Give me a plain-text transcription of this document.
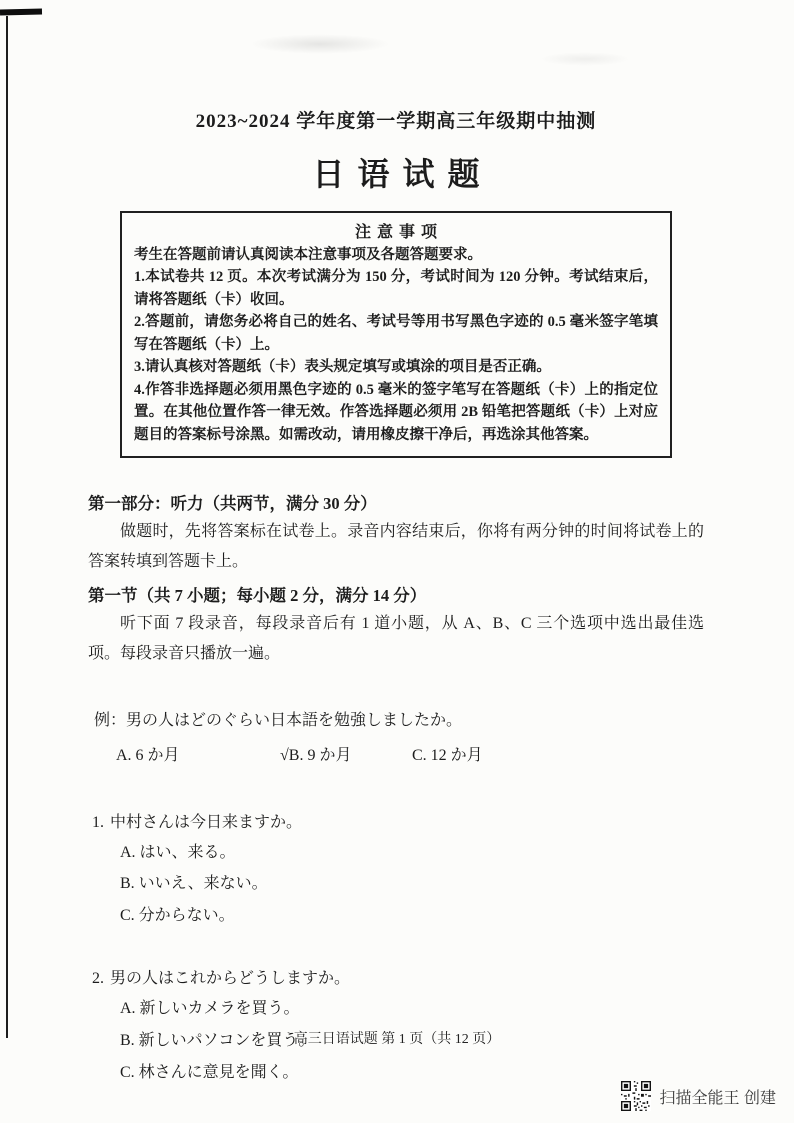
2023~2024 学年度第一学期高三年级期中抽测
日语试题
注意事项

考生在答题前请认真阅读本注意事项及各题答题要求。

1.本试卷共 12 页。本次考试满分为 150 分，考试时间为 120 分钟。考试结束后，请将答题纸（卡）收回。

2.答题前，请您务必将自己的姓名、考试号等用书写黑色字迹的 0.5 毫米签字笔填写在答题纸（卡）上。

3.请认真核对答题纸（卡）表头规定填写或填涂的项目是否正确。

4.作答非选择题必须用黑色字迹的 0.5 毫米的签字笔写在答题纸（卡）上的指定位置。在其他位置作答一律无效。作答选择题必须用 2B 铅笔把答题纸（卡）上对应题目的答案标号涂黑。如需改动，请用橡皮擦干净后，再选涂其他答案。

第一部分：听力（共两节，满分 30 分）

做题时，先将答案标在试卷上。录音内容结束后，你将有两分钟的时间将试卷上的答案转填到答题卡上。

第一节（共 7 小题；每小题 2 分，满分 14 分）

听下面 7 段录音，每段录音后有 1 道小题，从 A、B、C 三个选项中选出最佳选项。每段录音只播放一遍。

例：男の人はどのぐらい日本語を勉強しましたか。

A. 6 か月	√B. 9 か月	C. 12 か月

1. 中村さんは今日来ますか。

A. はい、来る。

B. いいえ、来ない。

C. 分からない。

2. 男の人はこれからどうしますか。

A. 新しいカメラを買う。

B. 新しいパソコンを買う。

C. 林さんに意見を聞く。

高三日语试题 第 1 页（共 12 页）
扫描全能王 创建
